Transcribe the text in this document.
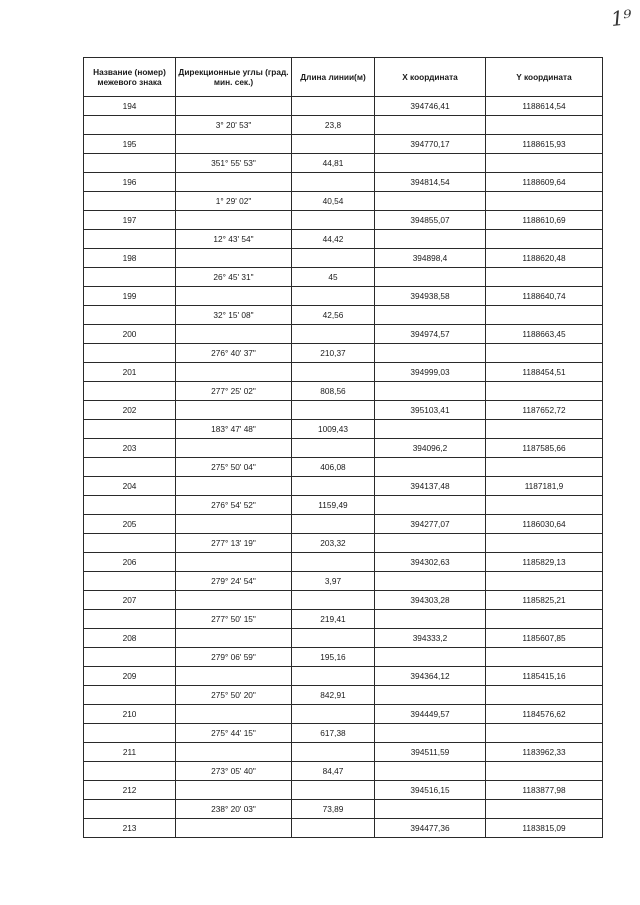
1⁹
Название (номер) межевого знака	Дирекционные углы (град. мин. сек.)	Длина линии(м)	X координата	Y координата
194			394746,41	1188614,54
	3° 20' 53"	23,8		
195			394770,17	1188615,93
	351° 55' 53"	44,81		
196			394814,54	1188609,64
	1° 29' 02"	40,54		
197			394855,07	1188610,69
	12° 43' 54"	44,42		
198			394898,4	1188620,48
	26° 45' 31"	45		
199			394938,58	1188640,74
	32° 15' 08"	42,56		
200			394974,57	1188663,45
	276° 40' 37"	210,37		
201			394999,03	1188454,51
	277° 25' 02"	808,56		
202			395103,41	1187652,72
	183° 47' 48"	1009,43		
203			394096,2	1187585,66
	275° 50' 04"	406,08		
204			394137,48	1187181,9
	276° 54' 52"	1159,49		
205			394277,07	1186030,64
	277° 13' 19"	203,32		
206			394302,63	1185829,13
	279° 24' 54"	3,97		
207			394303,28	1185825,21
	277° 50' 15"	219,41		
208			394333,2	1185607,85
	279° 06' 59"	195,16		
209			394364,12	1185415,16
	275° 50' 20"	842,91		
210			394449,57	1184576,62
	275° 44' 15"	617,38		
211			394511,59	1183962,33
	273° 05' 40"	84,47		
212			394516,15	1183877,98
	238° 20' 03"	73,89		
213			394477,36	1183815,09
